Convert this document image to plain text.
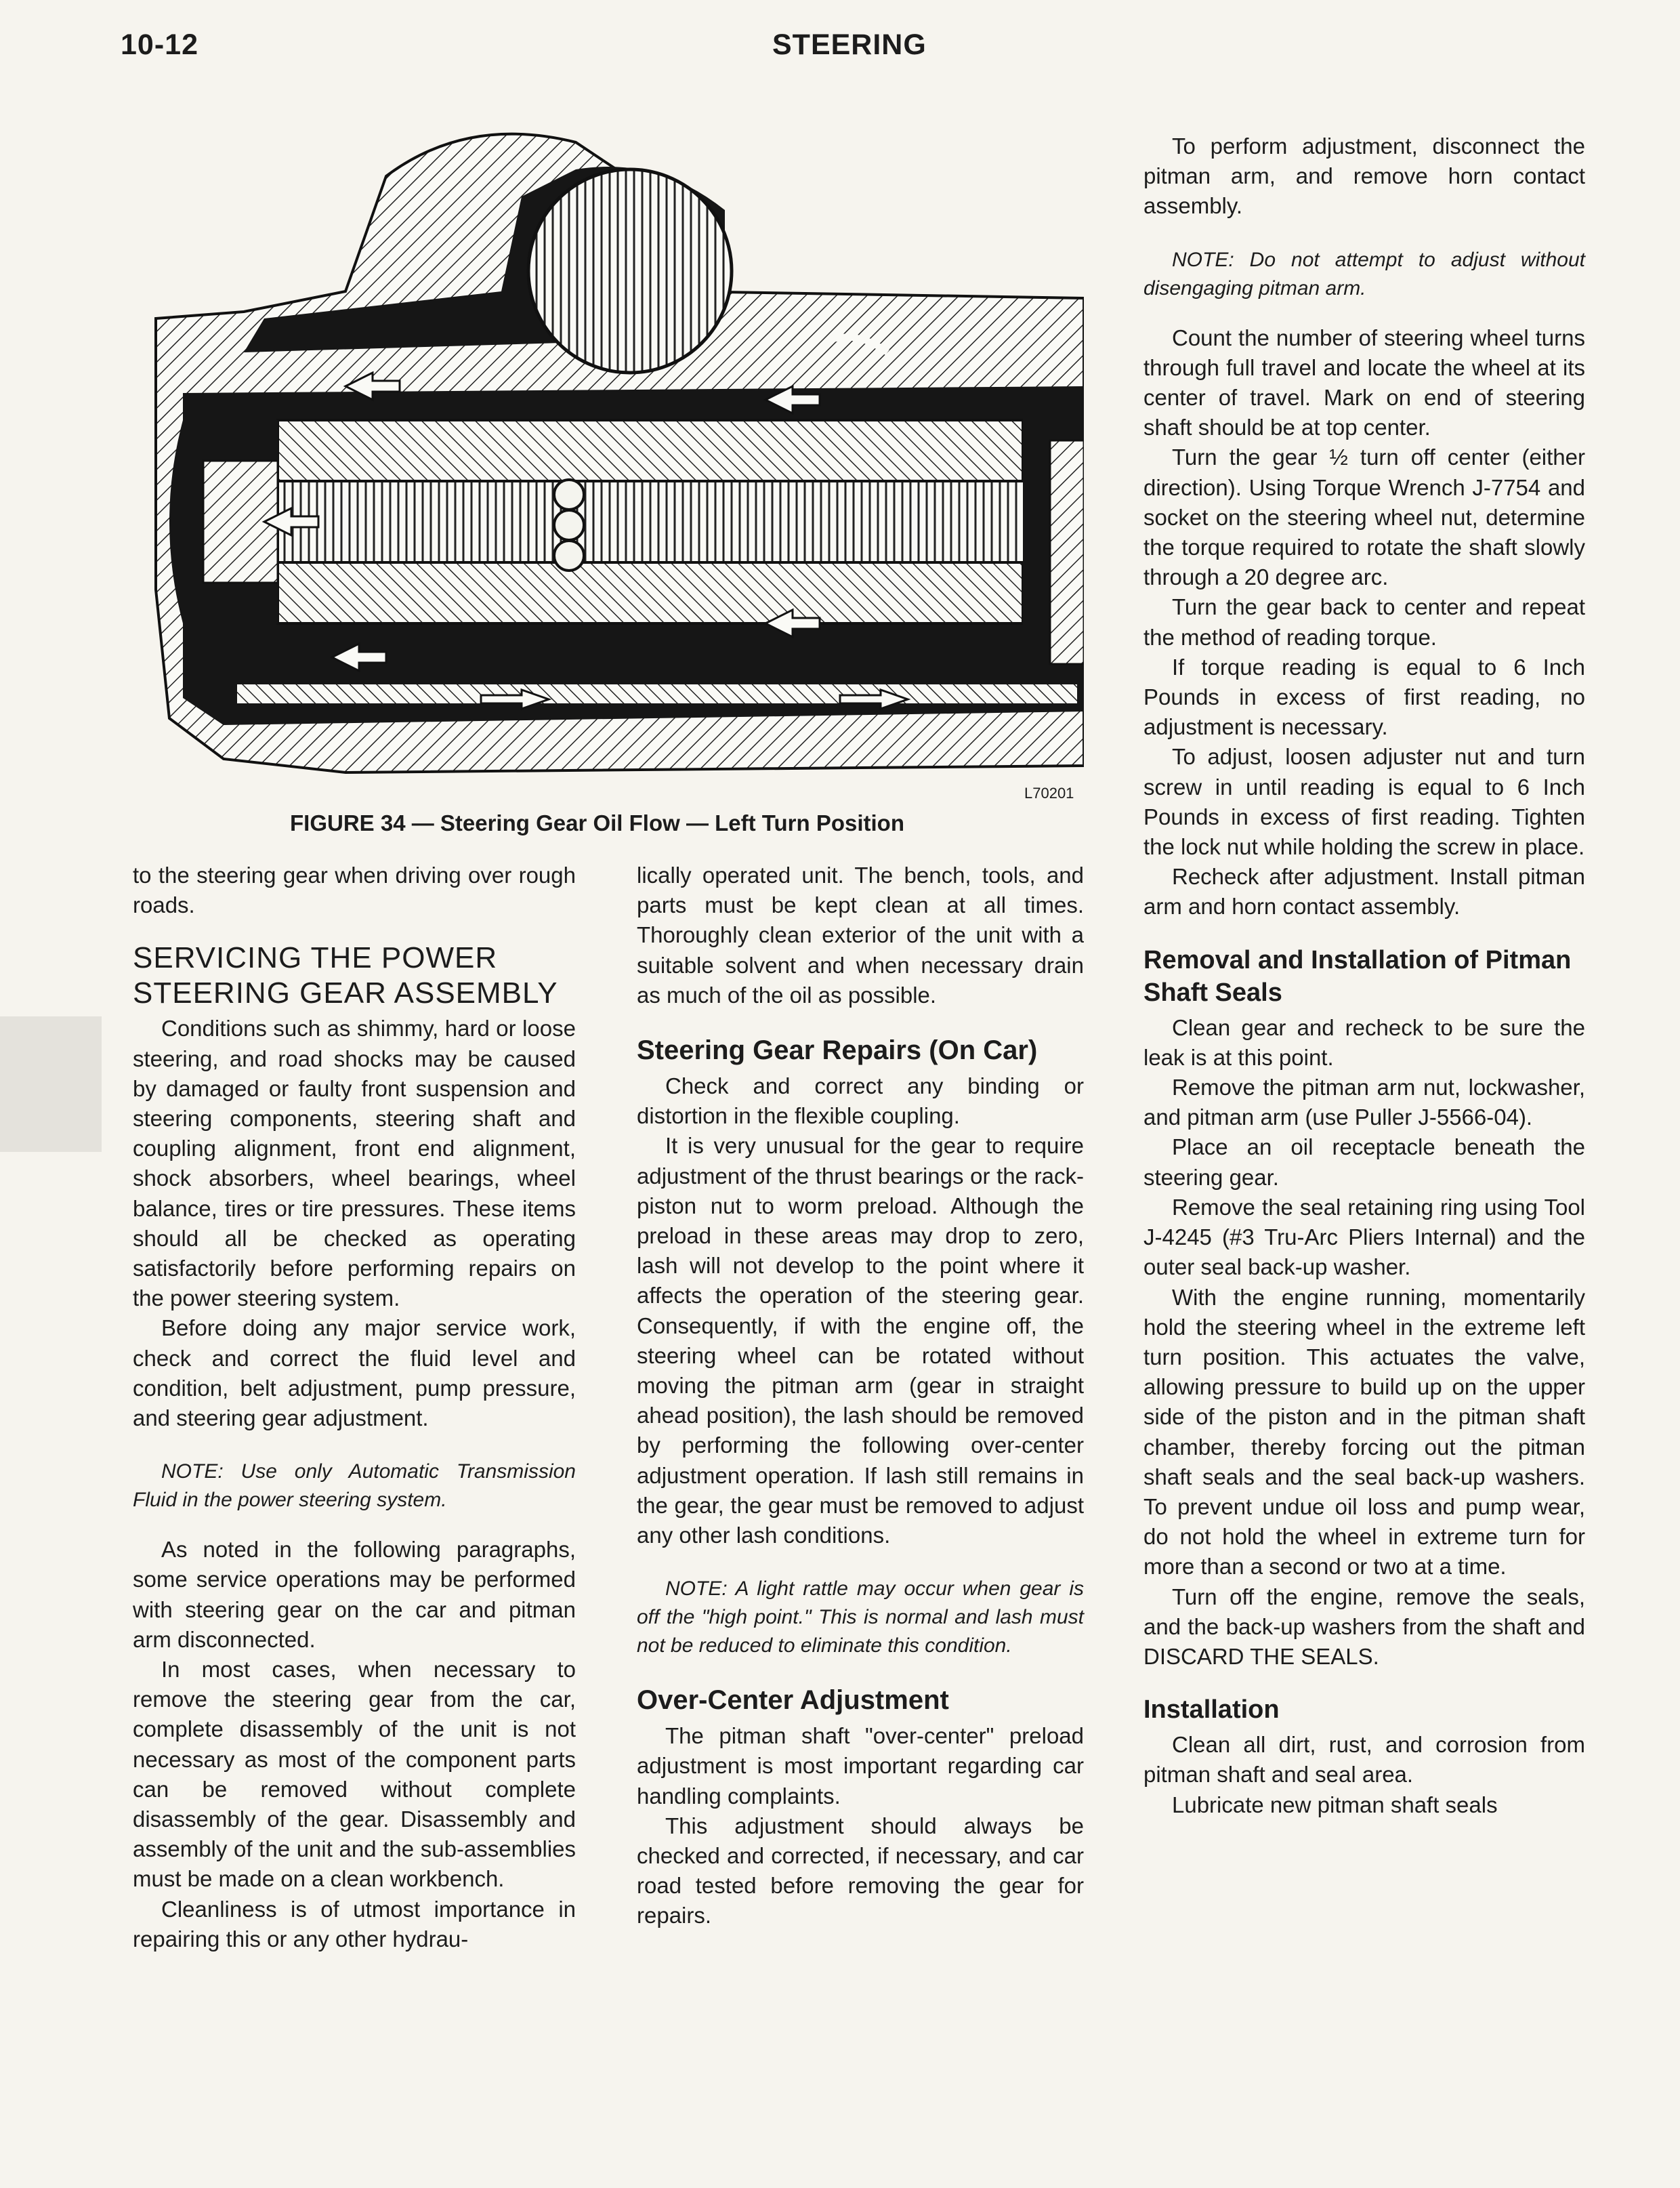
10-12	STEERING
L70201
FIGURE 34 — Steering Gear Oil Flow — Left Turn Position

to the steering gear when driving over rough roads.

SERVICING THE POWER STEERING GEAR ASSEMBLY

Conditions such as shimmy, hard or loose steering, and road shocks may be caused by damaged or faulty front suspension and steering components, steering shaft and coupling alignment, front end alignment, shock absorbers, wheel bearings, wheel balance, tires or tire pressures. These items should all be checked as operating satisfactorily before performing repairs on the power steering system.

Before doing any major service work, check and correct the fluid level and condition, belt adjustment, pump pressure, and steering gear adjustment.

NOTE: Use only Automatic Transmission Fluid in the power steering system.

As noted in the following paragraphs, some service operations may be performed with steering gear on the car and pitman arm disconnected.

In most cases, when necessary to remove the steering gear from the car, complete disassembly of the unit is not necessary as most of the component parts can be removed without complete disassembly of the gear. Disassembly and assembly of the unit and the sub-assemblies must be made on a clean workbench.

Cleanliness is of utmost importance in repairing this or any other hydrau-

lically operated unit. The bench, tools, and parts must be kept clean at all times. Thoroughly clean exterior of the unit with a suitable solvent and when necessary drain as much of the oil as possible.

Steering Gear Repairs (On Car)

Check and correct any binding or distortion in the flexible coupling.

It is very unusual for the gear to require adjustment of the thrust bearings or the rack-piston nut to worm preload. Although the preload in these areas may drop to zero, lash will not develop to the point where it affects the operation of the steering gear. Consequently, if with the engine off, the steering wheel can be rotated without moving the pitman arm (gear in straight ahead position), the lash should be removed by performing the following over-center adjustment operation. If lash still remains in the gear, the gear must be removed to adjust any other lash conditions.

NOTE: A light rattle may occur when gear is off the "high point." This is normal and lash must not be reduced to eliminate this condition.

Over-Center Adjustment

The pitman shaft "over-center" preload adjustment is most important regarding car handling complaints.

This adjustment should always be checked and corrected, if necessary, and car road tested before removing the gear for repairs.

To perform adjustment, disconnect the pitman arm, and remove horn contact assembly.

NOTE: Do not attempt to adjust without disengaging pitman arm.

Count the number of steering wheel turns through full travel and locate the wheel at its center of travel. Mark on end of steering shaft should be at top center.

Turn the gear ½ turn off center (either direction). Using Torque Wrench J-7754 and socket on the steering wheel nut, determine the torque required to rotate the shaft slowly through a 20 degree arc.

Turn the gear back to center and repeat the method of reading torque.

If torque reading is equal to 6 Inch Pounds in excess of first reading, no adjustment is necessary.

To adjust, loosen adjuster nut and turn screw in until reading is equal to 6 Inch Pounds in excess of first reading. Tighten the lock nut while holding the screw in place.

Recheck after adjustment. Install pitman arm and horn contact assembly.

Removal and Installation of Pitman Shaft Seals

Clean gear and recheck to be sure the leak is at this point.

Remove the pitman arm nut, lockwasher, and pitman arm (use Puller J-5566-04).

Place an oil receptacle beneath the steering gear.

Remove the seal retaining ring using Tool J-4245 (#3 Tru-Arc Pliers Internal) and the outer seal back-up washer.

With the engine running, momentarily hold the steering wheel in the extreme left turn position. This actuates the valve, allowing pressure to build up on the upper side of the piston and in the pitman shaft chamber, thereby forcing out the pitman shaft seals and the seal back-up washers. To prevent undue oil loss and pump wear, do not hold the wheel in extreme turn for more than a second or two at a time.

Turn off the engine, remove the seals, and the back-up washers from the shaft and DISCARD THE SEALS.

Installation

Clean all dirt, rust, and corrosion from pitman shaft and seal area.

Lubricate new pitman shaft seals
